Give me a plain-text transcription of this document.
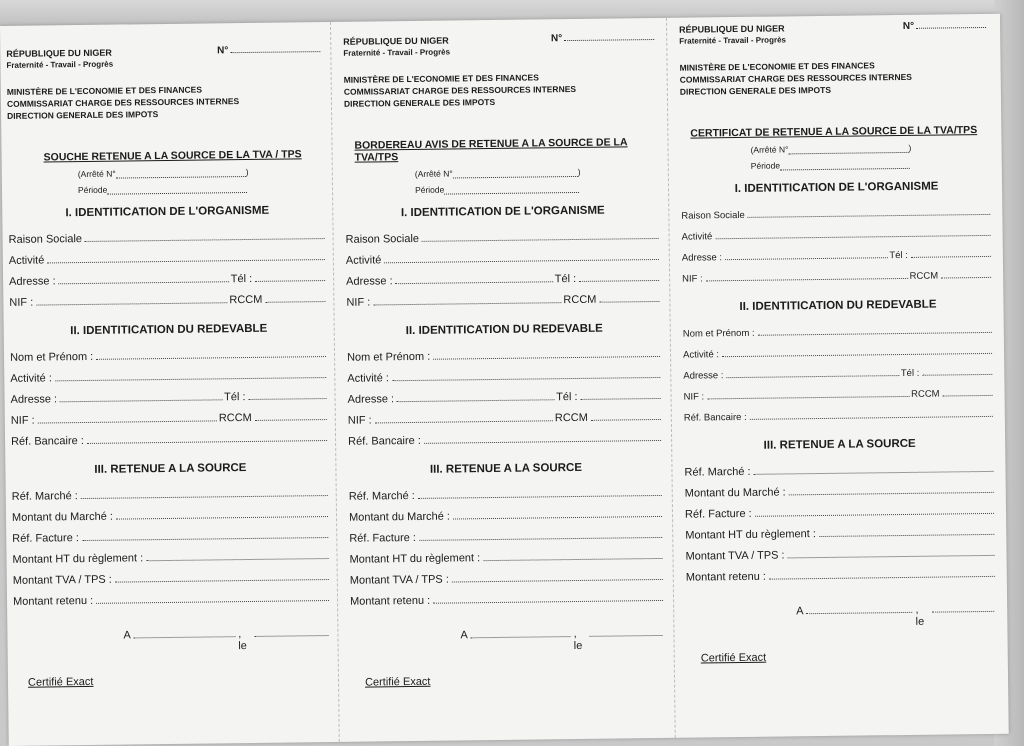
RÉPUBLIQUE DU NIGER
Fraternité - Travail - Progrès
N°
MINISTÈRE DE L'ECONOMIE ET DES FINANCES
COMMISSARIAT CHARGE DES RESSOURCES INTERNES
DIRECTION GENERALE DES IMPOTS
SOUCHE RETENUE A LA SOURCE DE LA TVA / TPS
(Arrêté N°	)
Période
I. IDENTITICATION DE L'ORGANISME
Raison Sociale
Activité
Adresse :	Tél :
NIF :	RCCM
II. IDENTITICATION DU REDEVABLE
Nom et Prénom :
Activité :
Adresse :	Tél :
NIF :	RCCM
Réf. Bancaire :
III. RETENUE A LA SOURCE
Réf. Marché :
Montant du Marché :
Réf. Facture :
Montant HT du règlement :
Montant TVA / TPS :
Montant retenu :
A	, le
Certifié Exact
RÉPUBLIQUE DU NIGER
Fraternité - Travail - Progrès
N°
MINISTÈRE DE L'ECONOMIE ET DES FINANCES
COMMISSARIAT CHARGE DES RESSOURCES INTERNES
DIRECTION GENERALE DES IMPOTS
BORDEREAU AVIS DE RETENUE A LA SOURCE DE LA TVA/TPS
(Arrêté N°	)
Période
I. IDENTITICATION DE L'ORGANISME
Raison Sociale
Activité
Adresse :	Tél :
NIF :	RCCM
II. IDENTITICATION DU REDEVABLE
Nom et Prénom :
Activité :
Adresse :	Tél :
NIF :	RCCM
Réf. Bancaire :
III. RETENUE A LA SOURCE
Réf. Marché :
Montant du Marché :
Réf. Facture :
Montant HT du règlement :
Montant TVA / TPS :
Montant retenu :
A	, le
Certifié Exact
RÉPUBLIQUE DU NIGER
Fraternité - Travail - Progrès
N°
MINISTÈRE DE L'ECONOMIE ET DES FINANCES
COMMISSARIAT CHARGE DES RESSOURCES INTERNES
DIRECTION GENERALE DES IMPOTS
CERTIFICAT DE RETENUE A LA SOURCE DE LA TVA/TPS
(Arrêté N°	)
Période
I. IDENTITICATION DE L'ORGANISME
Raison Sociale
Activité
Adresse :	Tél :
NIF :	RCCM
II. IDENTITICATION DU REDEVABLE
Nom et Prénom :
Activité :
Adresse :	Tél :
NIF :	RCCM
Réf. Bancaire :
III. RETENUE A LA SOURCE
Réf. Marché :
Montant du Marché :
Réf. Facture :
Montant HT du règlement :
Montant TVA / TPS :
Montant retenu :
A	, le
Certifié Exact
